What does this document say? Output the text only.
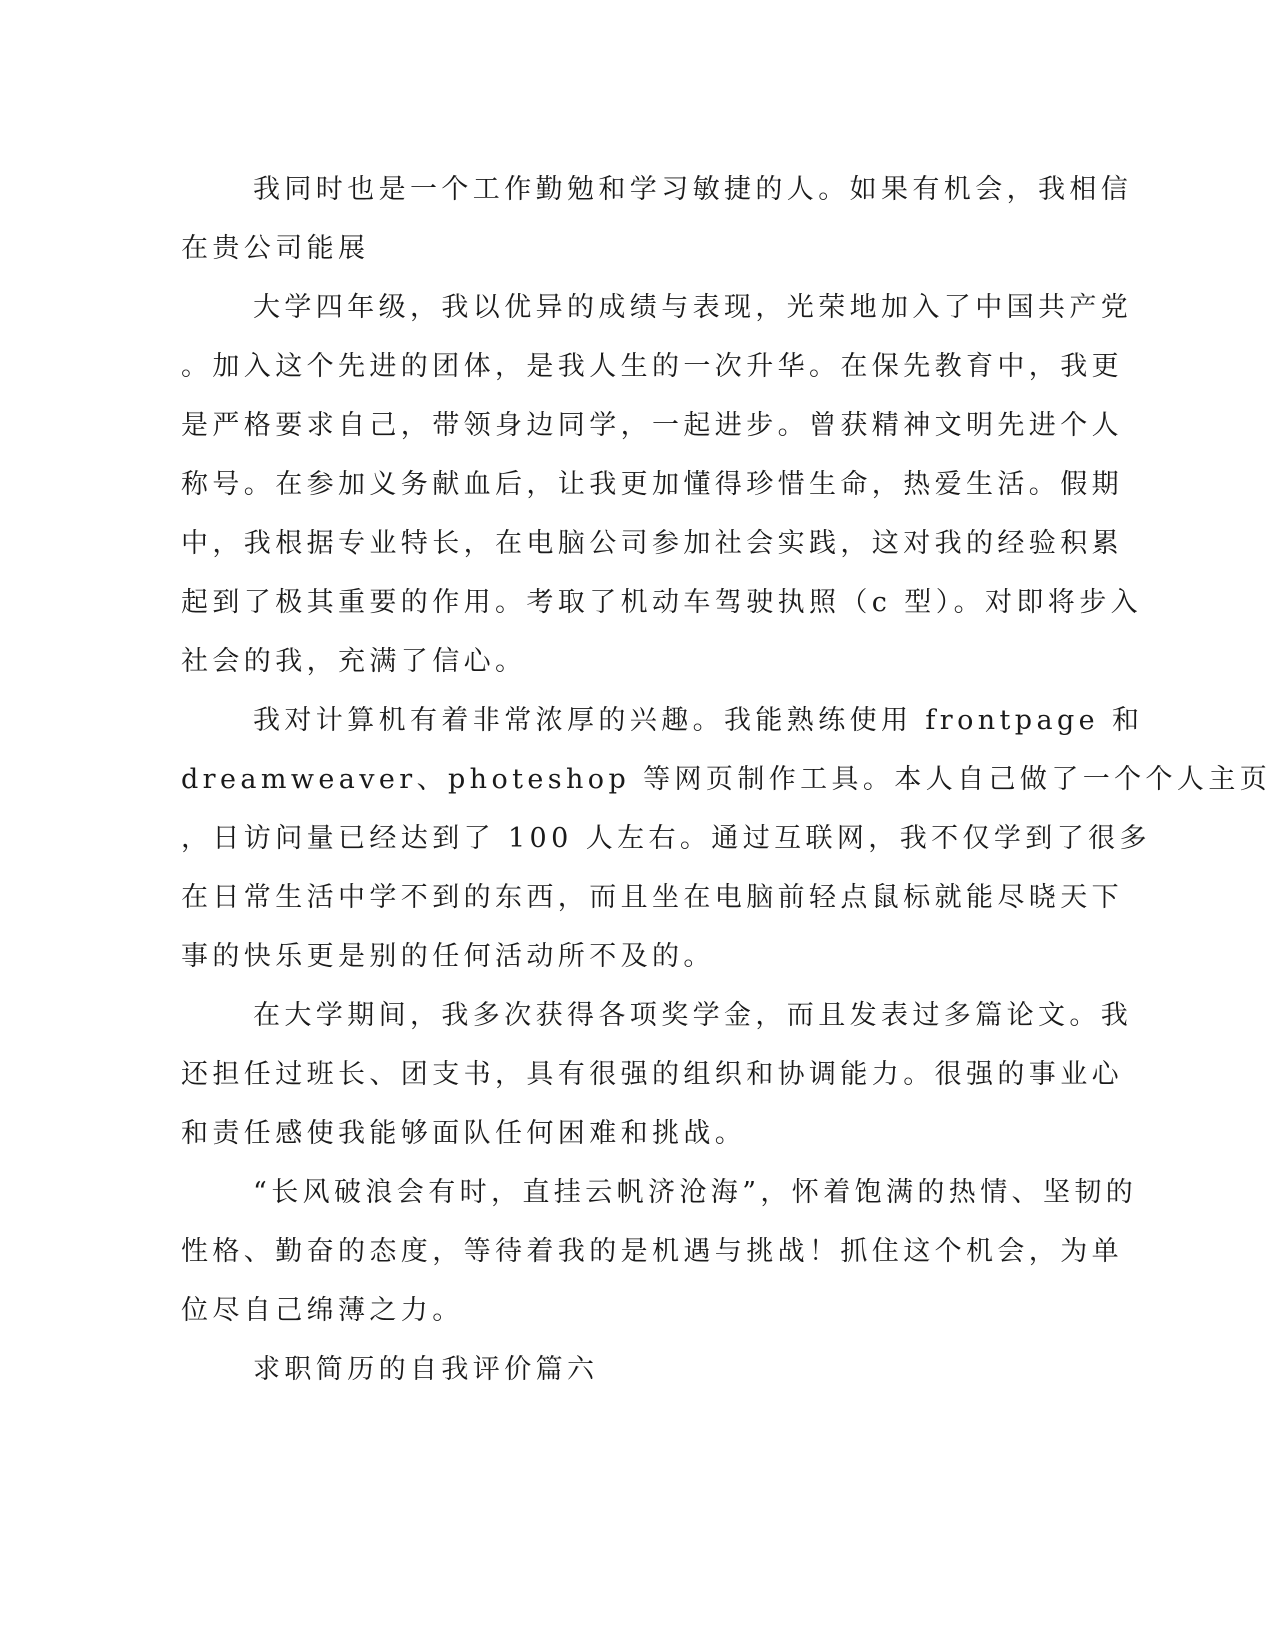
我同时也是一个工作勤勉和学习敏捷的人。如果有机会，我相信
在贵公司能展

大学四年级，我以优异的成绩与表现，光荣地加入了中国共产党
。加入这个先进的团体，是我人生的一次升华。在保先教育中，我更
是严格要求自己，带领身边同学，一起进步。曾获精神文明先进个人
称号。在参加义务献血后，让我更加懂得珍惜生命，热爱生活。假期
中，我根据专业特长，在电脑公司参加社会实践，这对我的经验积累
起到了极其重要的作用。考取了机动车驾驶执照（c 型）。对即将步入
社会的我，充满了信心。

我对计算机有着非常浓厚的兴趣。我能熟练使用 frontpage 和
dreamweaver、photeshop 等网页制作工具。本人自己做了一个个人主页
，日访问量已经达到了 100 人左右。通过互联网，我不仅学到了很多
在日常生活中学不到的东西，而且坐在电脑前轻点鼠标就能尽晓天下
事的快乐更是别的任何活动所不及的。

在大学期间，我多次获得各项奖学金，而且发表过多篇论文。我
还担任过班长、团支书，具有很强的组织和协调能力。很强的事业心
和责任感使我能够面队任何困难和挑战。

“长风破浪会有时，直挂云帆济沧海”，怀着饱满的热情、坚韧的
性格、勤奋的态度，等待着我的是机遇与挑战！抓住这个机会，为单
位尽自己绵薄之力。

求职简历的自我评价篇六
